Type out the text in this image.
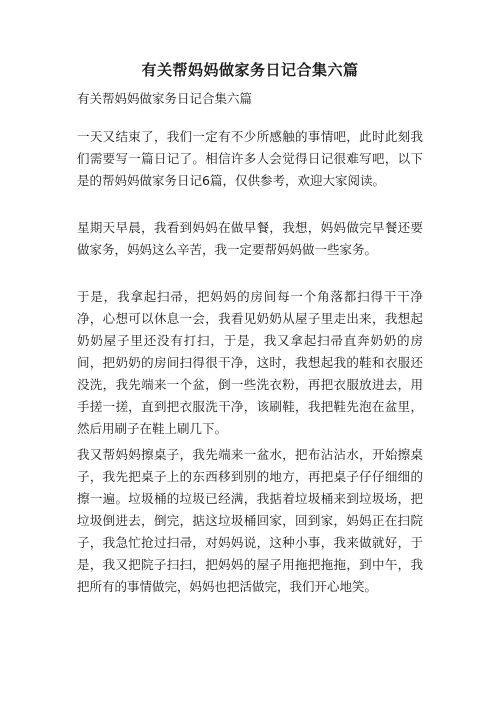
有关帮妈妈做家务日记合集六篇
有关帮妈妈做家务日记合集六篇

一天又结束了，我们一定有不少所感触的事情吧，此时此刻我们需要写一篇日记了。相信许多人会觉得日记很难写吧，以下是的帮妈妈做家务日记6篇，仅供参考，欢迎大家阅读。

星期天早晨，我看到妈妈在做早餐，我想，妈妈做完早餐还要做家务，妈妈这么辛苦，我一定要帮妈妈做一些家务。

于是，我拿起扫帚，把妈妈的房间每一个角落都扫得干干净净，心想可以休息一会，我看见奶奶从屋子里走出来，我想起奶奶屋子里还没有打扫，于是，我又拿起扫帚直奔奶奶的房间，把奶奶的房间扫得很干净，这时，我想起我的鞋和衣服还没洗，我先端来一个盆，倒一些洗衣粉，再把衣服放进去，用手搓一搓，直到把衣服洗干净，该刷鞋，我把鞋先泡在盆里，然后用刷子在鞋上刷几下。

我又帮妈妈擦桌子，我先端来一盆水，把布沾沾水，开始擦桌子，我先把桌子上的东西移到别的地方，再把桌子仔仔细细的擦一遍。垃圾桶的垃圾已经满，我掂着垃圾桶来到垃圾场，把垃圾倒进去，倒完，掂这垃圾桶回家，回到家，妈妈正在扫院子，我急忙抢过扫帚，对妈妈说，这种小事，我来做就好，于是，我又把院子扫扫，把妈妈的屋子用拖把拖拖，到中午，我把所有的事情做完，妈妈也把活做完，我们开心地笑。
